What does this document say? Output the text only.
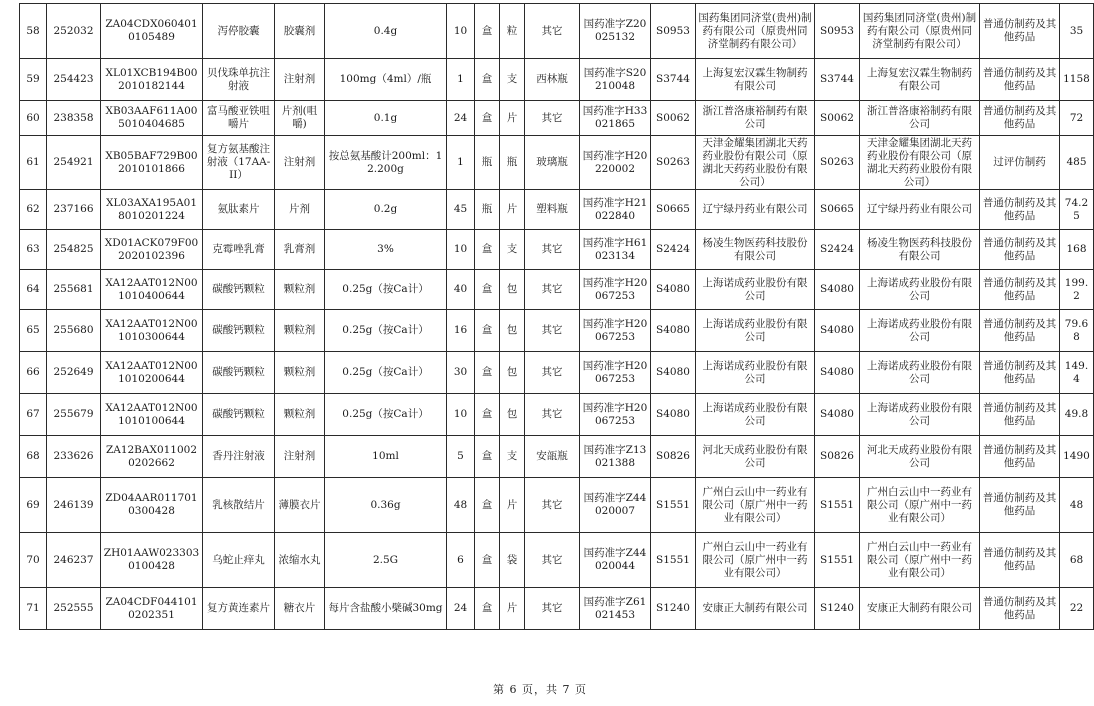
58	252032	ZA04CDX0604010105489	泻停胶囊	胶囊剂	0.4g	10	盒	粒	其它	国药准字Z20025132	S0953	国药集团同济堂(贵州)制药有限公司（原贵州同济堂制药有限公司）	S0953	国药集团同济堂(贵州)制药有限公司（原贵州同济堂制药有限公司）	普通仿制药及其他药品	35
59	254423	XL01XCB194B002010182144	贝伐珠单抗注射液	注射剂	100mg（4ml）/瓶	1	盒	支	西林瓶	国药准字S20210048	S3744	上海复宏汉霖生物制药有限公司	S3744	上海复宏汉霖生物制药有限公司	普通仿制药及其他药品	1158
60	238358	XB03AAF611A005010404685	富马酸亚铁咀嚼片	片剂(咀嚼)	0.1g	24	盒	片	其它	国药准字H33021865	S0062	浙江普洛康裕制药有限公司	S0062	浙江普洛康裕制药有限公司	普通仿制药及其他药品	72
61	254921	XB05BAF729B002010101866	复方氨基酸注射液（17AA-II）	注射剂	按总氨基酸计200ml：12.200g	1	瓶	瓶	玻璃瓶	国药准字H20220002	S0263	天津金耀集团湖北天药药业股份有限公司（原湖北天药药业股份有限公司）	S0263	天津金耀集团湖北天药药业股份有限公司（原湖北天药药业股份有限公司）	过评仿制药	485
62	237166	XL03AXA195A018010201224	氨肽素片	片剂	0.2g	45	瓶	片	塑料瓶	国药准字H21022840	S0665	辽宁绿丹药业有限公司	S0665	辽宁绿丹药业有限公司	普通仿制药及其他药品	74.25
63	254825	XD01ACK079F002020102396	克霉唑乳膏	乳膏剂	3%	10	盒	支	其它	国药准字H61023134	S2424	杨凌生物医药科技股份有限公司	S2424	杨凌生物医药科技股份有限公司	普通仿制药及其他药品	168
64	255681	XA12AAT012N001010400644	碳酸钙颗粒	颗粒剂	0.25g（按Ca计）	40	盒	包	其它	国药准字H20067253	S4080	上海诺成药业股份有限公司	S4080	上海诺成药业股份有限公司	普通仿制药及其他药品	199.2
65	255680	XA12AAT012N001010300644	碳酸钙颗粒	颗粒剂	0.25g（按Ca计）	16	盒	包	其它	国药准字H20067253	S4080	上海诺成药业股份有限公司	S4080	上海诺成药业股份有限公司	普通仿制药及其他药品	79.68
66	252649	XA12AAT012N001010200644	碳酸钙颗粒	颗粒剂	0.25g（按Ca计）	30	盒	包	其它	国药准字H20067253	S4080	上海诺成药业股份有限公司	S4080	上海诺成药业股份有限公司	普通仿制药及其他药品	149.4
67	255679	XA12AAT012N001010100644	碳酸钙颗粒	颗粒剂	0.25g（按Ca计）	10	盒	包	其它	国药准字H20067253	S4080	上海诺成药业股份有限公司	S4080	上海诺成药业股份有限公司	普通仿制药及其他药品	49.8
68	233626	ZA12BAX0110020202662	香丹注射液	注射剂	10ml	5	盒	支	安瓿瓶	国药准字Z13021388	S0826	河北天成药业股份有限公司	S0826	河北天成药业股份有限公司	普通仿制药及其他药品	1490
69	246139	ZD04AAR0117010300428	乳核散结片	薄膜衣片	0.36g	48	盒	片	其它	国药准字Z44020007	S1551	广州白云山中一药业有限公司（原广州中一药业有限公司）	S1551	广州白云山中一药业有限公司（原广州中一药业有限公司）	普通仿制药及其他药品	48
70	246237	ZH01AAW0233030100428	乌蛇止痒丸	浓缩水丸	2.5G	6	盒	袋	其它	国药准字Z44020044	S1551	广州白云山中一药业有限公司（原广州中一药业有限公司）	S1551	广州白云山中一药业有限公司（原广州中一药业有限公司）	普通仿制药及其他药品	68
71	252555	ZA04CDF0441010202351	复方黄连素片	糖衣片	每片含盐酸小檗碱30mg	24	盒	片	其它	国药准字Z61021453	S1240	安康正大制药有限公司	S1240	安康正大制药有限公司	普通仿制药及其他药品	22
第 6 页，共 7 页
